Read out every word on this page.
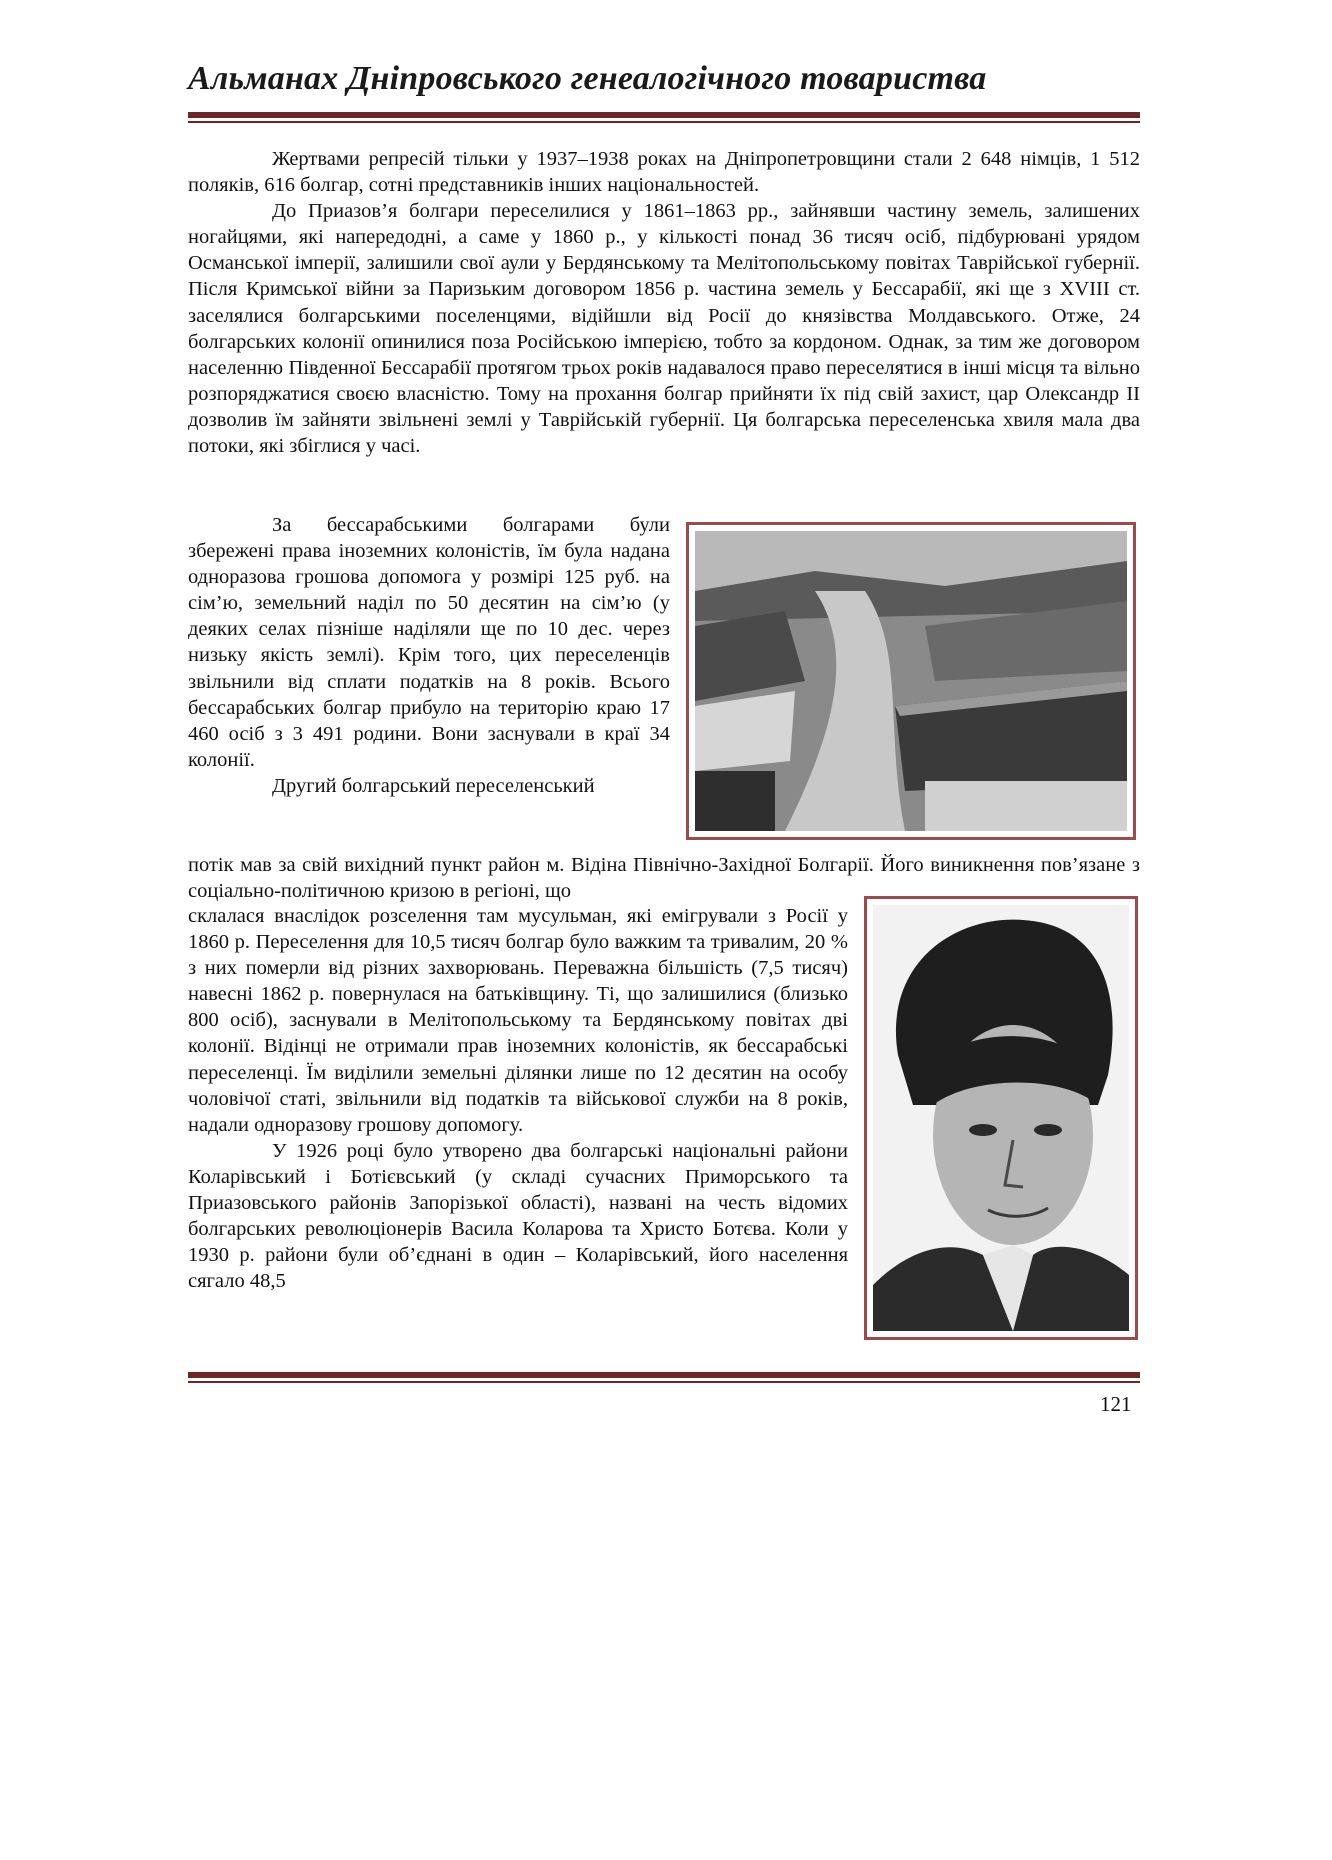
Альманах Дніпровського генеалогічного товариства

Жертвами репресій тільки у 1937–1938 роках на Дніпропетровщини стали 2 648 німців, 1 512 поляків, 616 болгар, сотні представників інших національностей.

До Приазов’я болгари переселилися у 1861–1863 рр., зайнявши частину земель, залишених ногайцями, які напередодні, а саме у 1860 р., у кількості понад 36 тисяч осіб, підбурювані урядом Османської імперії, залишили свої аули у Бердянському та Мелітопольському повітах Таврійської губернії. Після Кримської війни за Паризьким договором 1856 р. частина земель у Бессарабії, які ще з XVIII ст. заселялися болгарськими поселенцями, відійшли від Росії до князівства Молдавського. Отже, 24 болгарських колонії опинилися поза Російською імперією, тобто за кордоном. Однак, за тим же договором населенню Південної Бессарабії протягом трьох років надавалося право переселятися в інші місця та вільно розпоряджатися своєю власністю. Тому на прохання болгар прийняти їх під свій захист, цар Олександр II дозволив їм зайняти звільнені землі у Таврійській губернії. Ця болгарська переселенська хвиля мала два потоки, які збіглися у часі.

За бессарабськими болгарами були збережені права іноземних колоністів, їм була надана одноразова грошова допомога у розмірі 125 руб. на сім’ю, земельний наділ по 50 десятин на сім’ю (у деяких селах пізніше наділяли ще по 10 дес. через низьку якість землі). Крім того, цих переселенців звільнили від сплати податків на 8 років. Всього бессарабських болгар прибуло на територію краю 17 460 осіб з 3 491 родини. Вони заснували в краї 34 колонії.

Другий болгарський переселенський

потік мав за свій вихідний пункт район м. Відіна Північно-Західної Болгарії. Його виникнення пов’язане з соціально-політичною кризою в регіоні, що

склалася внаслідок розселення там мусульман, які емігрували з Росії у 1860 р. Переселення для 10,5 тисяч болгар було важким та тривалим, 20 % з них померли від різних захворювань. Переважна більшість (7,5 тисяч) навесні 1862 р. повернулася на батьківщину. Ті, що залишилися (близько 800 осіб), заснували в Мелітопольському та Бердянському повітах дві колонії. Відінці не отримали прав іноземних колоністів, як бессарабські переселенці. Їм виділили земельні ділянки лише по 12 десятин на особу чоловічої статі, звільнили від податків та військової служби на 8 років, надали одноразову грошову допомогу.

У 1926 році було утворено два болгарські національні райони Коларівський і Ботієвський (у складі сучасних Приморського та Приазовського районів Запорізької області), названі на честь відомих болгарських революціонерів Васила Коларова та Христо Ботєва. Коли у 1930 р. райони були об’єднані в один – Коларівський, його населення сягало 48,5

121
